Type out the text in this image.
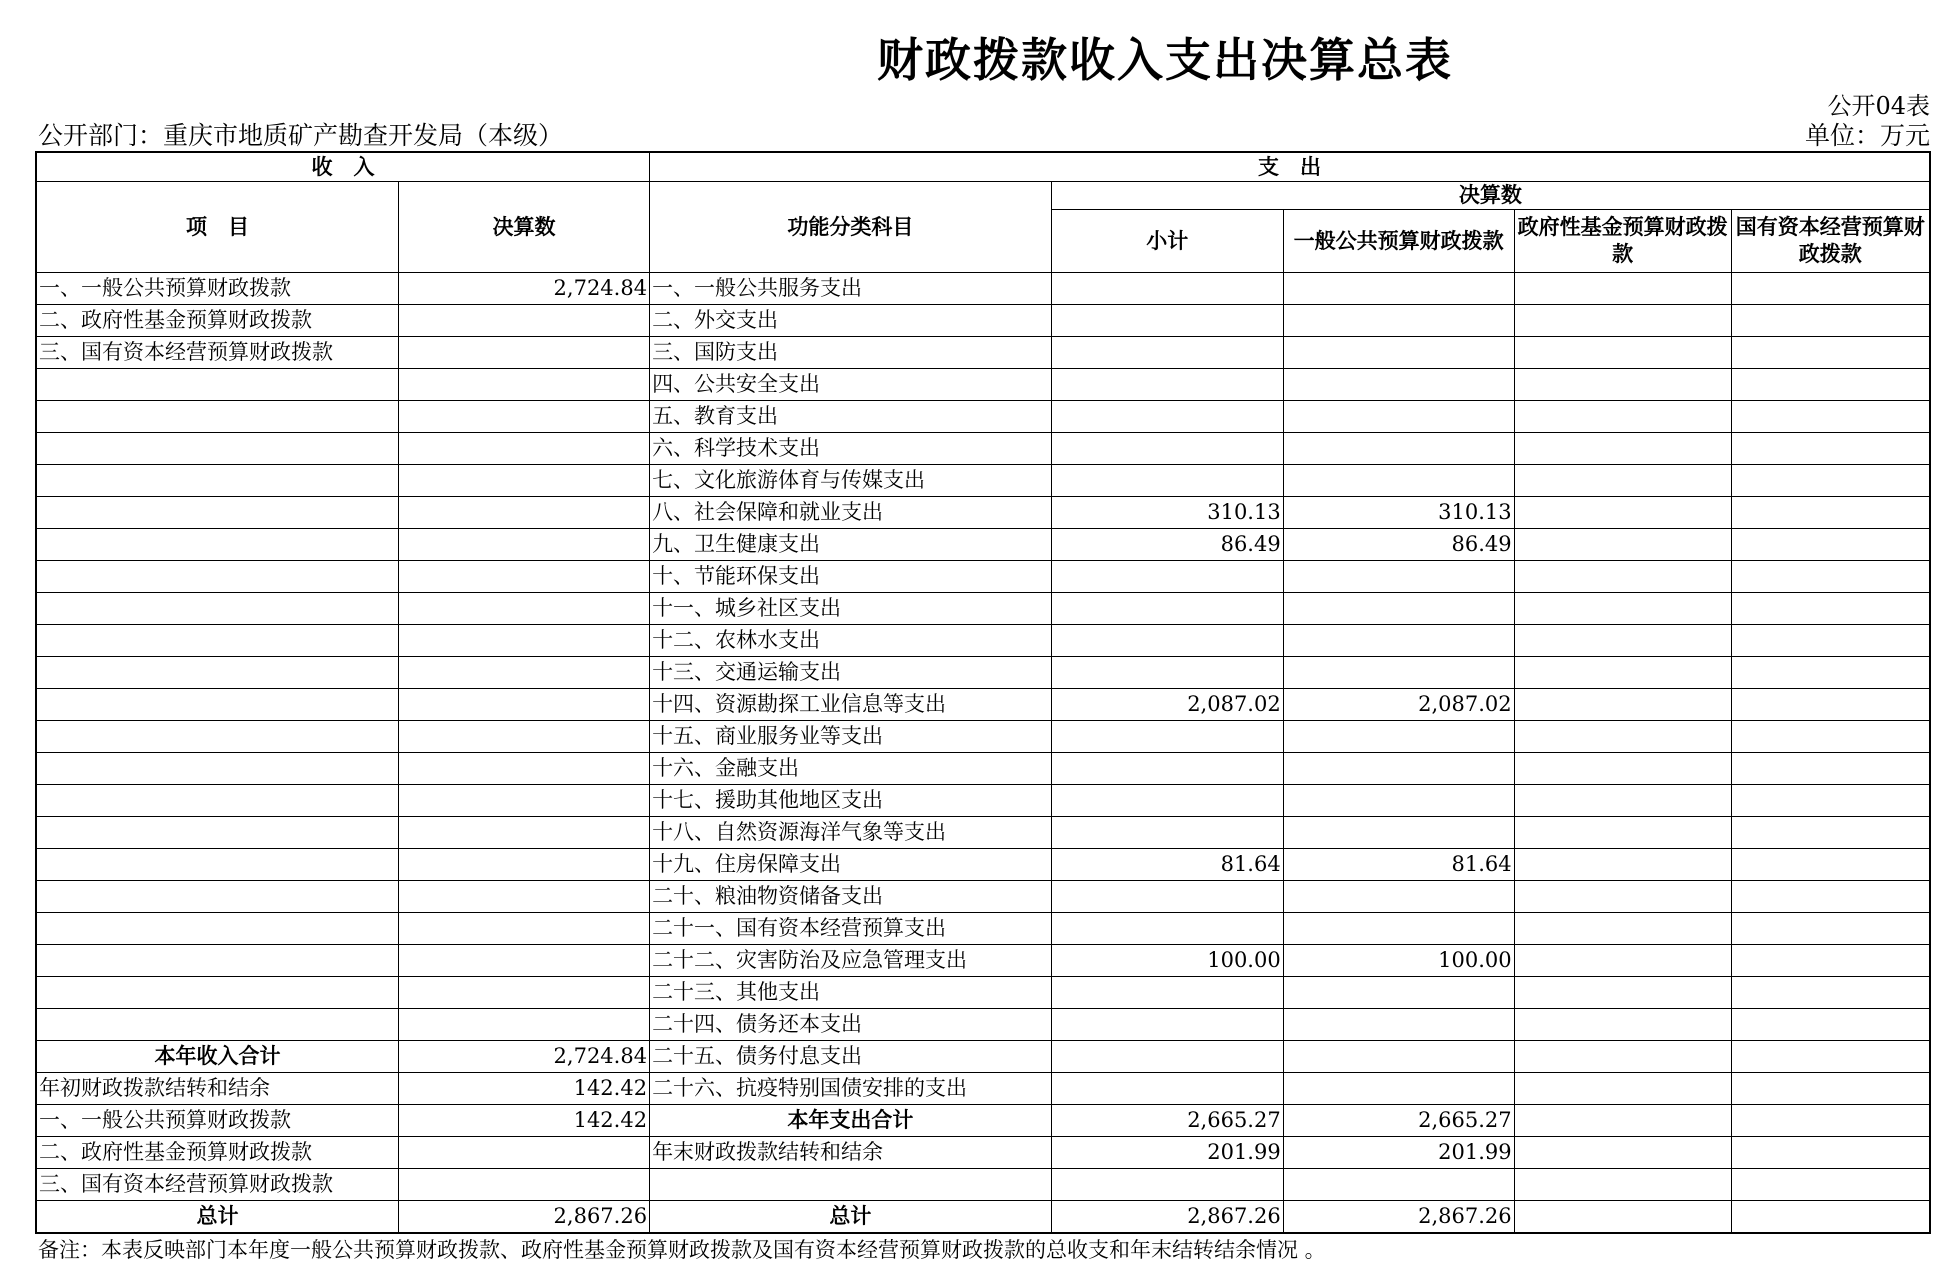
财政拨款收入支出决算总表
公开04表
公开部门：重庆市地质矿产勘查开发局（本级）	单位：万元
收　入		支　出				
项　目	决算数	功能分类科目	决算数			
			小计	一般公共预算财政拨款	政府性基金预算财政拨款	国有资本经营预算财政拨款
一、一般公共预算财政拨款	2,724.84	一、一般公共服务支出				
二、政府性基金预算财政拨款		二、外交支出				
三、国有资本经营预算财政拨款		三、国防支出				
		四、公共安全支出				
		五、教育支出				
		六、科学技术支出				
		七、文化旅游体育与传媒支出				
		八、社会保障和就业支出	310.13	310.13		
		九、卫生健康支出	86.49	86.49		
		十、节能环保支出				
		十一、城乡社区支出				
		十二、农林水支出				
		十三、交通运输支出				
		十四、资源勘探工业信息等支出	2,087.02	2,087.02		
		十五、商业服务业等支出				
		十六、金融支出				
		十七、援助其他地区支出				
		十八、自然资源海洋气象等支出				
		十九、住房保障支出	81.64	81.64		
		二十、粮油物资储备支出				
		二十一、国有资本经营预算支出				
		二十二、灾害防治及应急管理支出	100.00	100.00		
		二十三、其他支出				
		二十四、债务还本支出				
本年收入合计	2,724.84	二十五、债务付息支出				
年初财政拨款结转和结余	142.42	二十六、抗疫特别国债安排的支出				
一、一般公共预算财政拨款	142.42	本年支出合计	2,665.27	2,665.27		
二、政府性基金预算财政拨款		年末财政拨款结转和结余	201.99	201.99		
三、国有资本经营预算财政拨款						
总计	2,867.26	总计	2,867.26	2,867.26		
备注：本表反映部门本年度一般公共预算财政拨款、政府性基金预算财政拨款及国有资本经营预算财政拨款的总收支和年末结转结余情况 。
